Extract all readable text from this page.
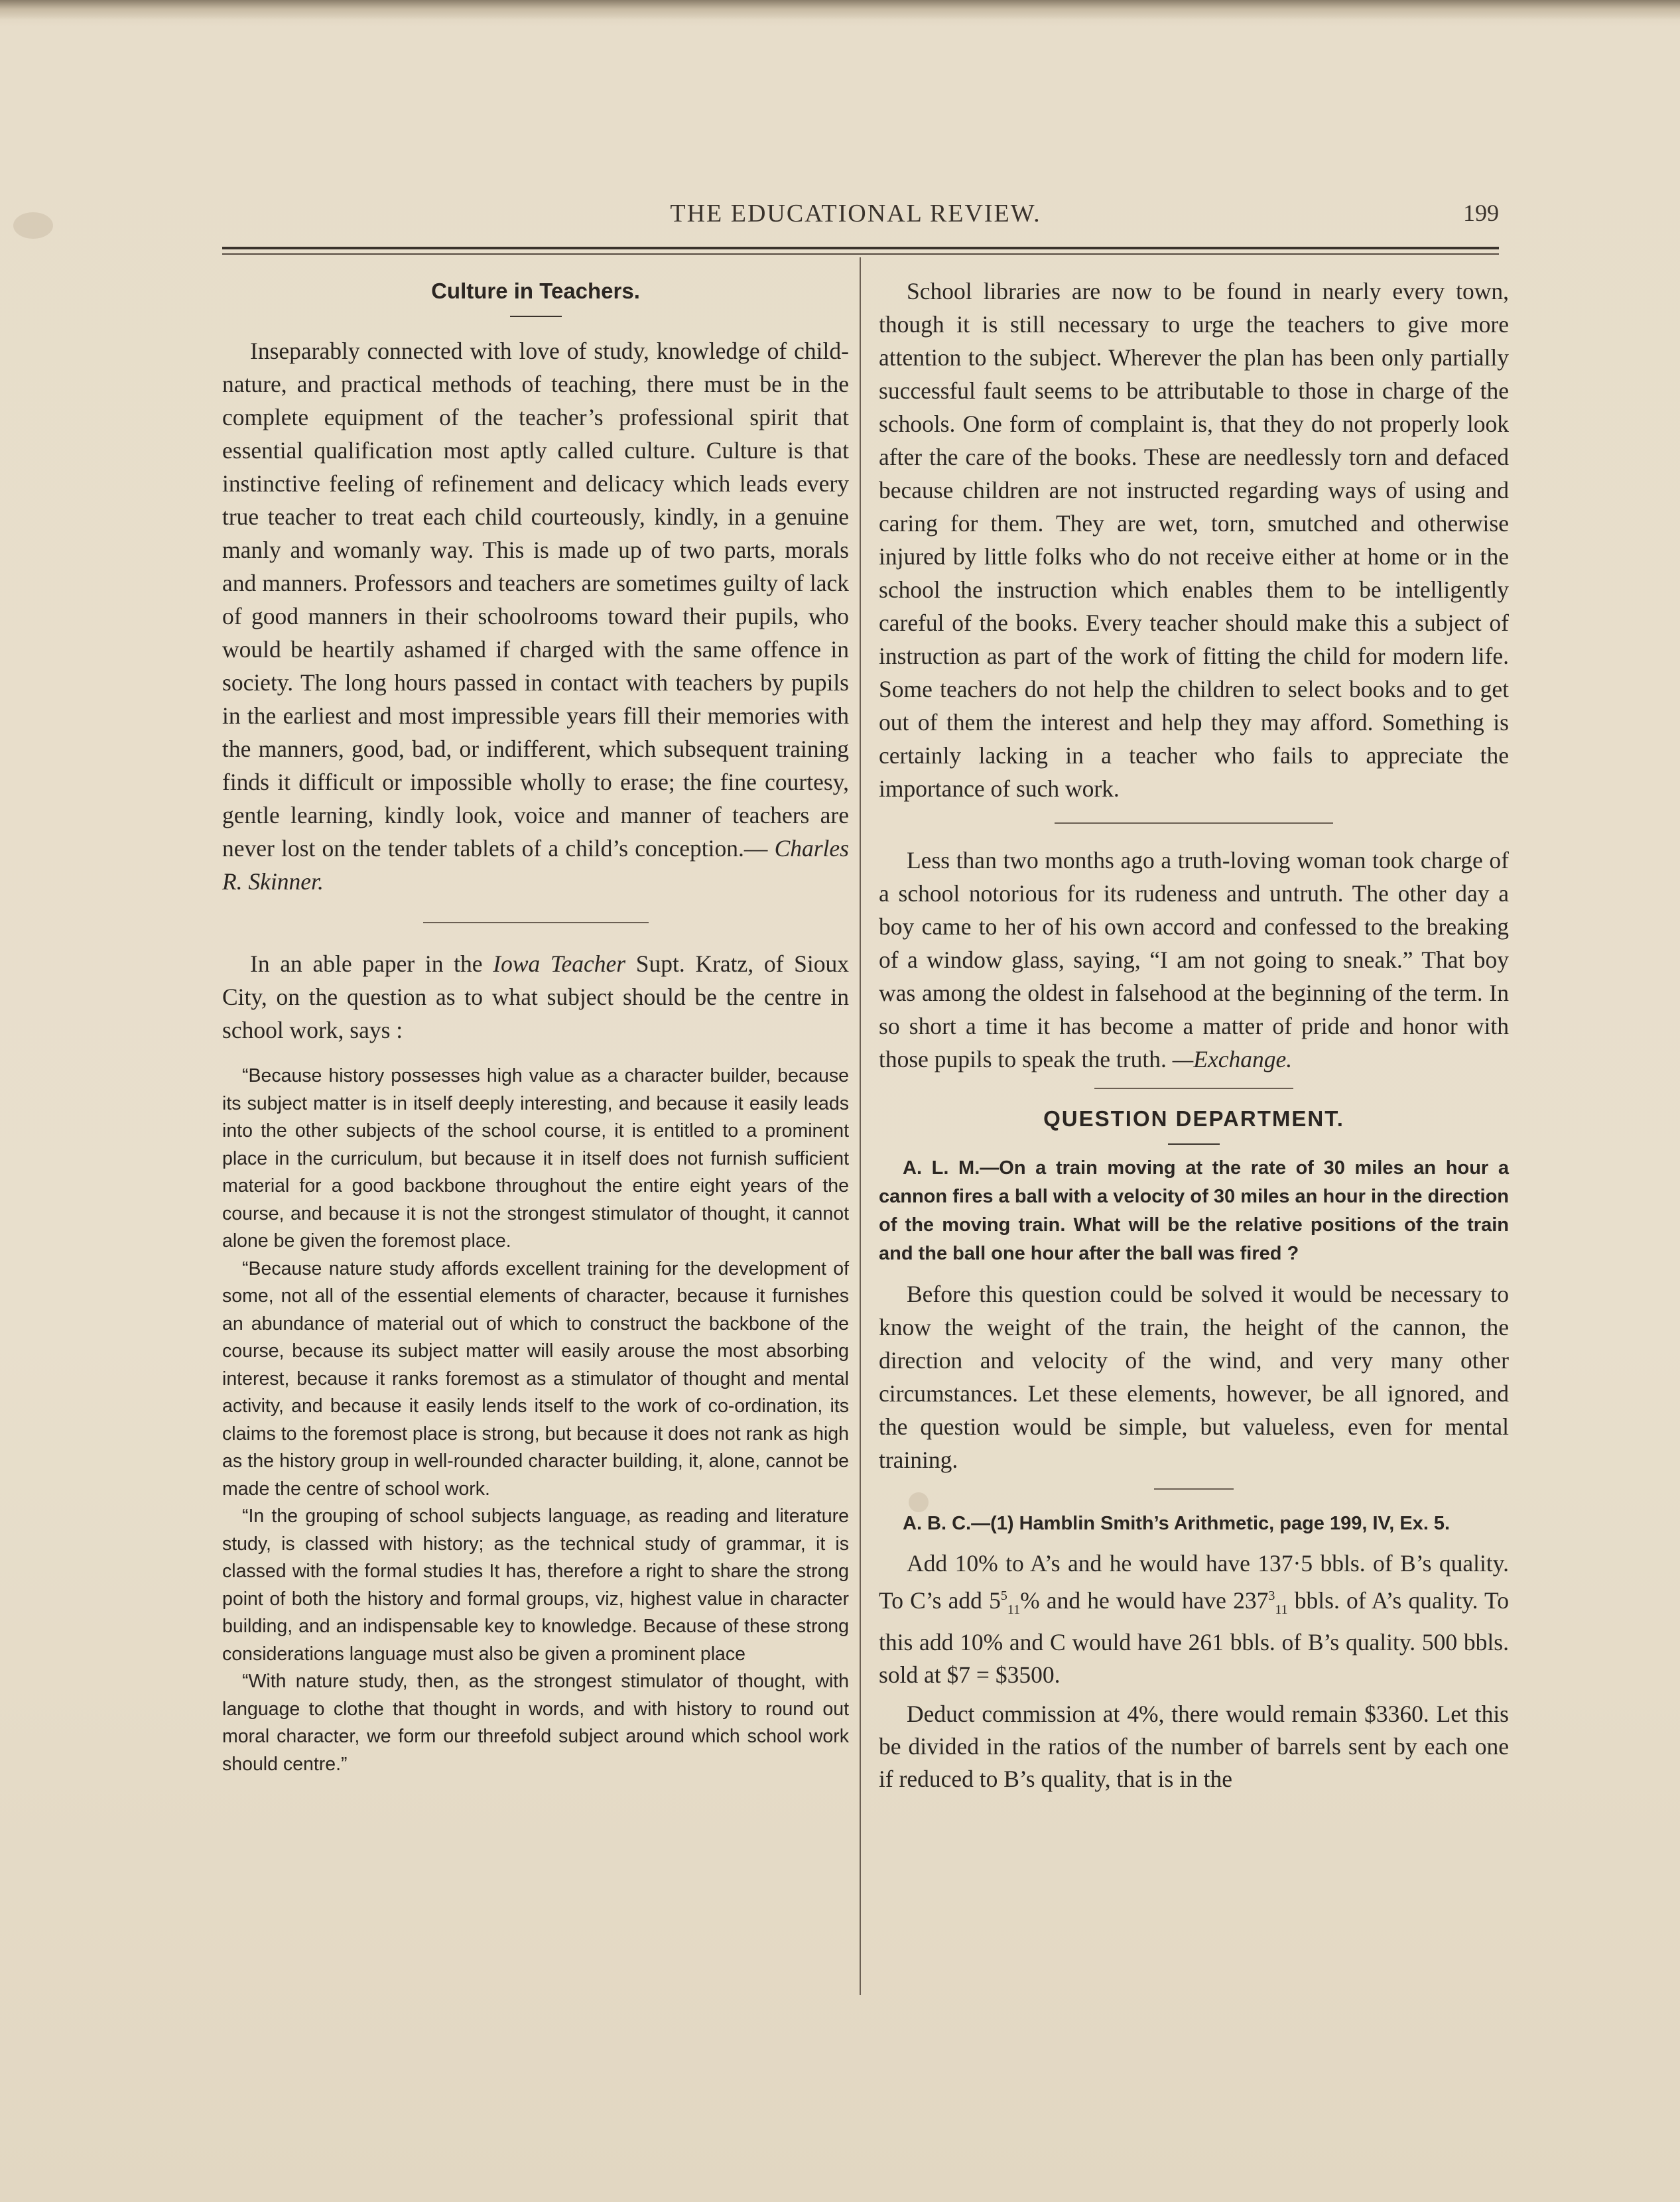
THE EDUCATIONAL REVIEW.	199
Culture in Teachers.

Inseparably connected with love of study, knowledge of child-nature, and practical methods of teaching, there must be in the complete equipment of the teacher’s professional spirit that essential qualification most aptly called culture. Culture is that instinctive feeling of refinement and delicacy which leads every true teacher to treat each child courteously, kindly, in a genuine manly and womanly way. This is made up of two parts, morals and manners. Professors and teachers are sometimes guilty of lack of good manners in their schoolrooms toward their pupils, who would be heartily ashamed if charged with the same offence in society. The long hours passed in contact with teachers by pupils in the earliest and most impressible years fill their memories with the manners, good, bad, or indifferent, which subsequent training finds it difficult or impossible wholly to erase; the fine courtesy, gentle learning, kindly look, voice and manner of teachers are never lost on the tender tablets of a child’s conception.— Charles R. Skinner.

In an able paper in the Iowa Teacher Supt. Kratz, of Sioux City, on the question as to what subject should be the centre in school work, says :

“Because history possesses high value as a character builder, because its subject matter is in itself deeply interesting, and because it easily leads into the other subjects of the school course, it is entitled to a prominent place in the curriculum, but because it in itself does not furnish sufficient material for a good backbone throughout the entire eight years of the course, and because it is not the strongest stimulator of thought, it cannot alone be given the foremost place.

“Because nature study affords excellent training for the development of some, not all of the essential elements of character, because it furnishes an abundance of material out of which to construct the backbone of the course, because its subject matter will easily arouse the most absorbing interest, because it ranks foremost as a stimulator of thought and mental activity, and because it easily lends itself to the work of co-ordination, its claims to the foremost place is strong, but because it does not rank as high as the history group in well-rounded character building, it, alone, cannot be made the centre of school work.

“In the grouping of school subjects language, as reading and literature study, is classed with history; as the technical study of grammar, it is classed with the formal studies It has, therefore a right to share the strong point of both the history and formal groups, viz, highest value in character building, and an indispensable key to knowledge. Because of these strong considerations language must also be given a prominent place

“With nature study, then, as the strongest stimulator of thought, with language to clothe that thought in words, and with history to round out moral character, we form our threefold subject around which school work should centre.”

School libraries are now to be found in nearly every town, though it is still necessary to urge the teachers to give more attention to the subject. Wherever the plan has been only partially successful fault seems to be attributable to those in charge of the schools. One form of complaint is, that they do not properly look after the care of the books. These are needlessly torn and defaced because children are not instructed regarding ways of using and caring for them. They are wet, torn, smutched and otherwise injured by little folks who do not receive either at home or in the school the instruction which enables them to be intelligently careful of the books. Every teacher should make this a subject of instruction as part of the work of fitting the child for modern life. Some teachers do not help the children to select books and to get out of them the interest and help they may afford. Something is certainly lacking in a teacher who fails to appreciate the importance of such work.

Less than two months ago a truth-loving woman took charge of a school notorious for its rudeness and untruth. The other day a boy came to her of his own accord and confessed to the breaking of a window glass, saying, “I am not going to sneak.” That boy was among the oldest in falsehood at the beginning of the term. In so short a time it has become a matter of pride and honor with those pupils to speak the truth. —Exchange.

QUESTION DEPARTMENT.

A. L. M.—On a train moving at the rate of 30 miles an hour a cannon fires a ball with a velocity of 30 miles an hour in the direction of the moving train. What will be the relative positions of the train and the ball one hour after the ball was fired ?

Before this question could be solved it would be necessary to know the weight of the train, the height of the cannon, the direction and velocity of the wind, and very many other circumstances. Let these elements, however, be all ignored, and the question would be simple, but valueless, even for mental training.

A. B. C.—(1) Hamblin Smith’s Arithmetic, page 199, IV, Ex. 5.

Add 10% to A’s and he would have 137·5 bbls. of B’s quality. To C’s add $5^5_{11}\%$ and he would have $237^3_{11}$ bbls. of A’s quality. To this add 10% and C would have 261 bbls. of B’s quality. 500 bbls. sold at $7 = $3500.

Deduct commission at 4%, there would remain $3360. Let this be divided in the ratios of the number of barrels sent by each one if reduced to B’s quality, that is in the
